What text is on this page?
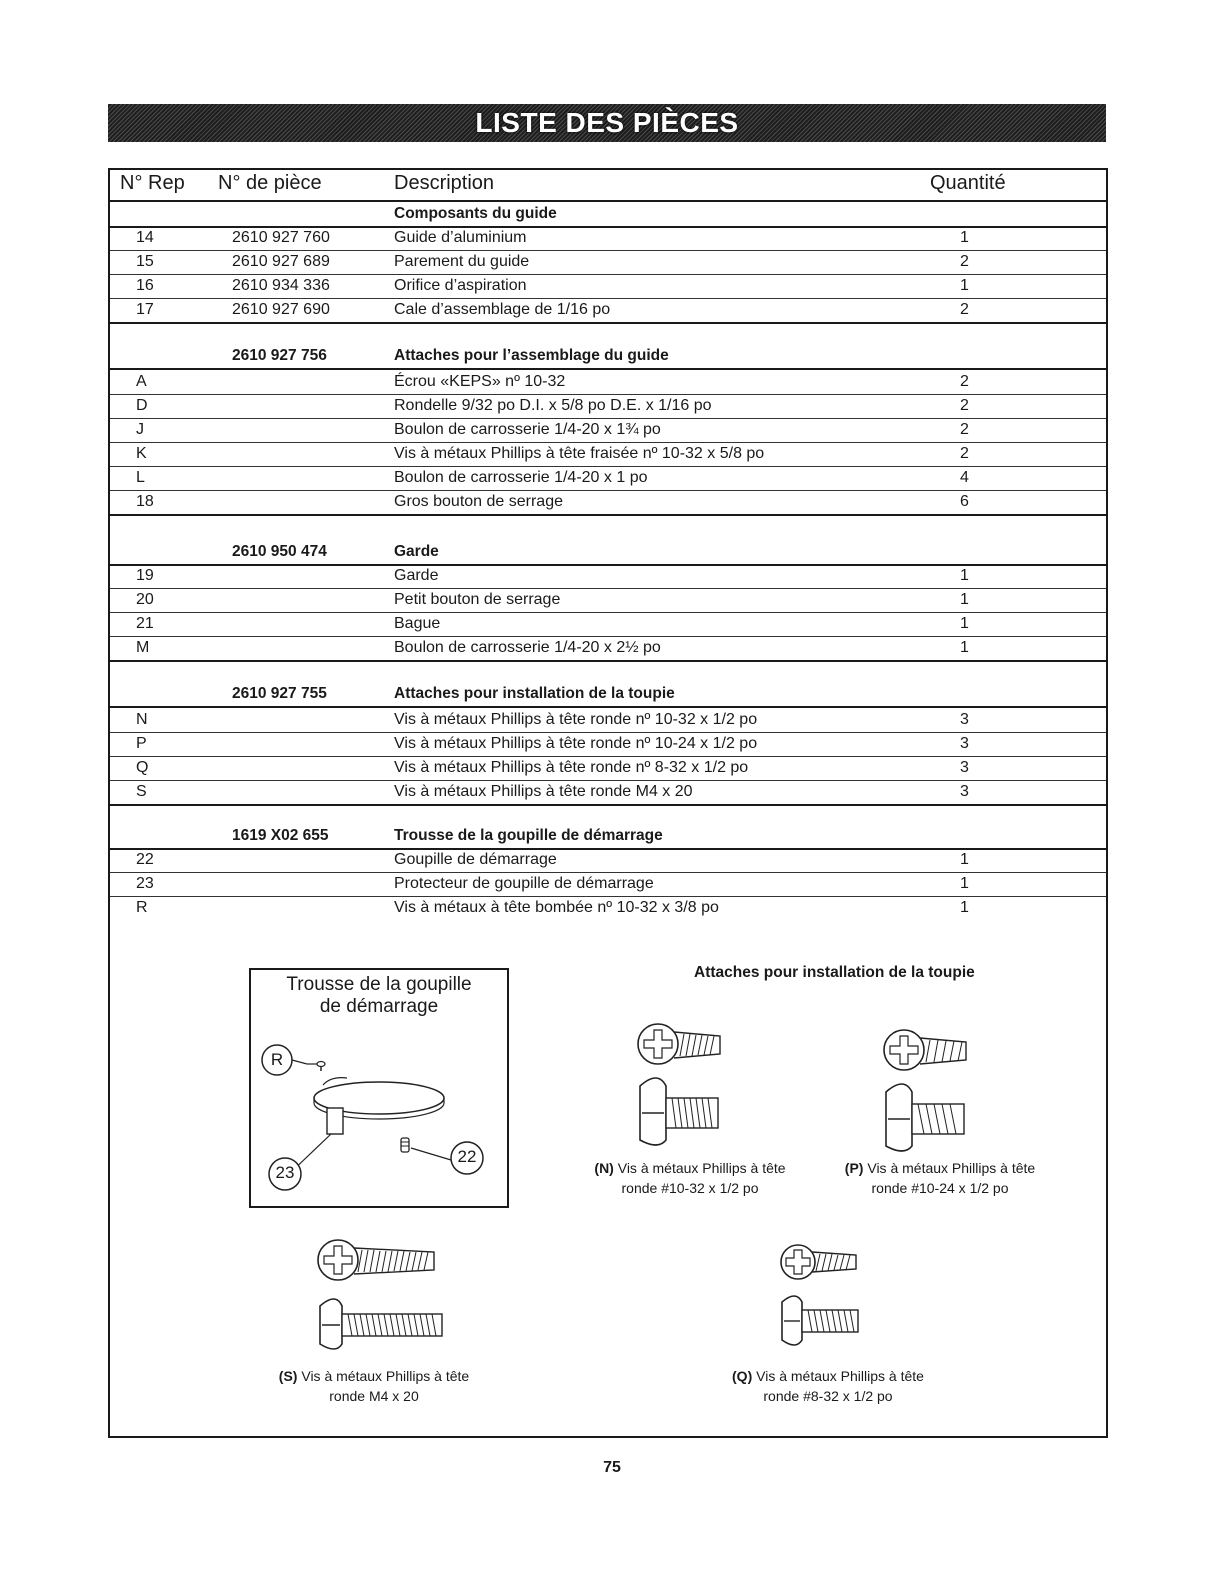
LISTE DES PIÈCES
N° Rep N° de pièce	Description	Quantité
Composants du guide
14	2610 927 760	Guide d’aluminium	1
15	2610 927 689	Parement du guide	2
16	2610 934 336	Orifice d’aspiration	1
17	2610 927 690	Cale d’assemblage de 1/16 po	2
2610 927 756	Attaches pour l’assemblage du guide
A	Écrou «KEPS» nº 10-32	2
D	Rondelle 9/32 po D.I. x 5/8 po D.E. x 1/16 po	2
J	Boulon de carrosserie 1/4-20 x 1¾ po	2
K	Vis à métaux Phillips à tête fraisée nº 10-32 x 5/8 po	2
L	Boulon de carrosserie 1/4-20 x 1 po	4
18	Gros bouton de serrage	6
2610 950 474	Garde
19	Garde	1
20	Petit bouton de serrage	1
21	Bague	1
M	Boulon de carrosserie 1/4-20 x 2½ po	1
2610 927 755	Attaches pour installation de la toupie
N	Vis à métaux Phillips à tête ronde nº 10-32 x 1/2 po	3
P	Vis à métaux Phillips à tête ronde nº 10-24 x 1/2 po	3
Q	Vis à métaux Phillips à tête ronde nº 8-32 x 1/2 po	3
S	Vis à métaux Phillips à tête ronde M4 x 20	3
1619 X02 655	Trousse de la goupille de démarrage
22	Goupille de démarrage	1
23	Protecteur de goupille de démarrage	1
R	Vis à métaux à tête bombée nº 10-32 x 3/8 po	1
Trousse de la goupille
de démarrage
R
23
22
Attaches pour installation de la toupie
(N) Vis à métaux Phillips à tête
ronde #10-32 x 1/2 po
(P) Vis à métaux Phillips à tête
ronde #10-24 x 1/2 po
(S) Vis à métaux Phillips à tête
ronde M4 x 20
(Q) Vis à métaux Phillips à tête
ronde #8-32 x 1/2 po
75
